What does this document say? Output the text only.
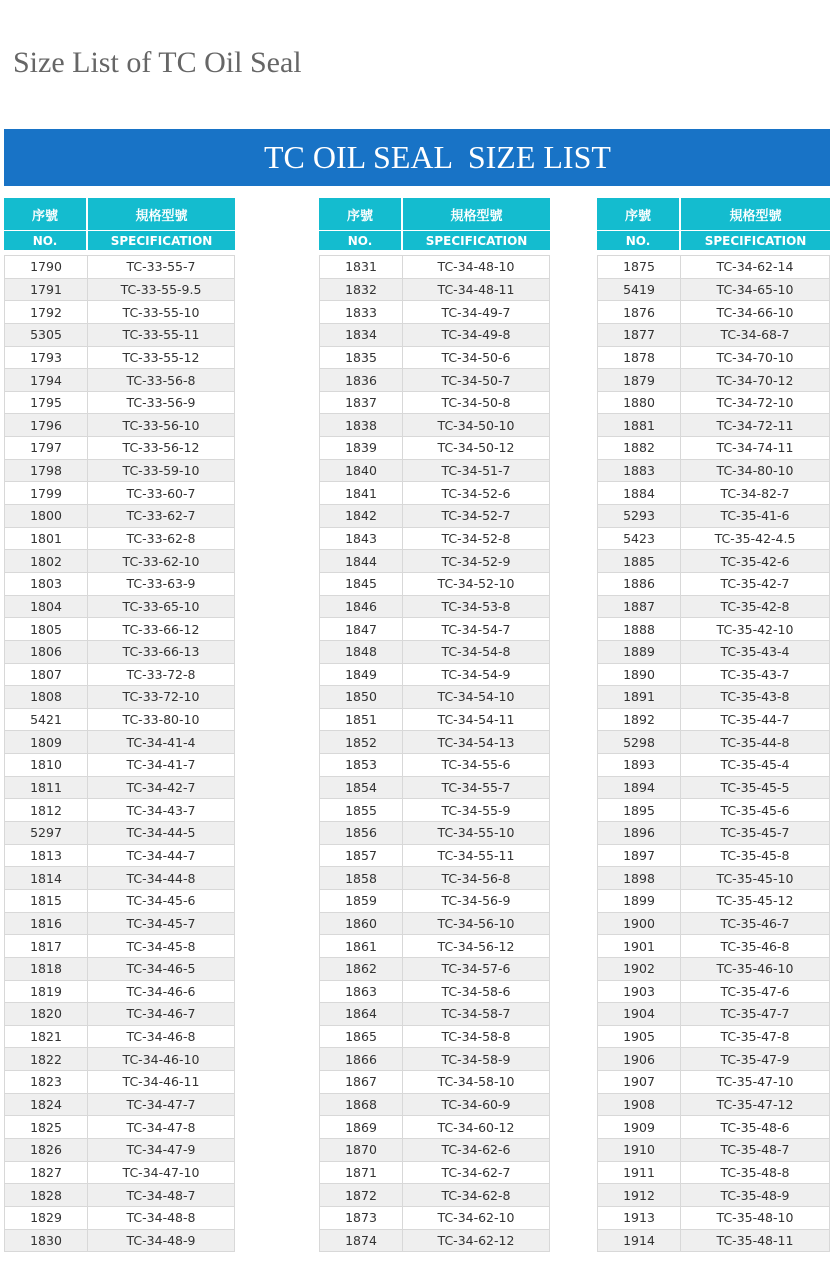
Size List of TC Oil Seal
TC OIL SEAL  SIZE LIST
序號	規格型號
NO.	SPECIFICATION
1790	TC-33-55-7
1791	TC-33-55-9.5
1792	TC-33-55-10
5305	TC-33-55-11
1793	TC-33-55-12
1794	TC-33-56-8
1795	TC-33-56-9
1796	TC-33-56-10
1797	TC-33-56-12
1798	TC-33-59-10
1799	TC-33-60-7
1800	TC-33-62-7
1801	TC-33-62-8
1802	TC-33-62-10
1803	TC-33-63-9
1804	TC-33-65-10
1805	TC-33-66-12
1806	TC-33-66-13
1807	TC-33-72-8
1808	TC-33-72-10
5421	TC-33-80-10
1809	TC-34-41-4
1810	TC-34-41-7
1811	TC-34-42-7
1812	TC-34-43-7
5297	TC-34-44-5
1813	TC-34-44-7
1814	TC-34-44-8
1815	TC-34-45-6
1816	TC-34-45-7
1817	TC-34-45-8
1818	TC-34-46-5
1819	TC-34-46-6
1820	TC-34-46-7
1821	TC-34-46-8
1822	TC-34-46-10
1823	TC-34-46-11
1824	TC-34-47-7
1825	TC-34-47-8
1826	TC-34-47-9
1827	TC-34-47-10
1828	TC-34-48-7
1829	TC-34-48-8
1830	TC-34-48-9
序號	規格型號
NO.	SPECIFICATION
1831	TC-34-48-10
1832	TC-34-48-11
1833	TC-34-49-7
1834	TC-34-49-8
1835	TC-34-50-6
1836	TC-34-50-7
1837	TC-34-50-8
1838	TC-34-50-10
1839	TC-34-50-12
1840	TC-34-51-7
1841	TC-34-52-6
1842	TC-34-52-7
1843	TC-34-52-8
1844	TC-34-52-9
1845	TC-34-52-10
1846	TC-34-53-8
1847	TC-34-54-7
1848	TC-34-54-8
1849	TC-34-54-9
1850	TC-34-54-10
1851	TC-34-54-11
1852	TC-34-54-13
1853	TC-34-55-6
1854	TC-34-55-7
1855	TC-34-55-9
1856	TC-34-55-10
1857	TC-34-55-11
1858	TC-34-56-8
1859	TC-34-56-9
1860	TC-34-56-10
1861	TC-34-56-12
1862	TC-34-57-6
1863	TC-34-58-6
1864	TC-34-58-7
1865	TC-34-58-8
1866	TC-34-58-9
1867	TC-34-58-10
1868	TC-34-60-9
1869	TC-34-60-12
1870	TC-34-62-6
1871	TC-34-62-7
1872	TC-34-62-8
1873	TC-34-62-10
1874	TC-34-62-12
序號	規格型號
NO.	SPECIFICATION
1875	TC-34-62-14
5419	TC-34-65-10
1876	TC-34-66-10
1877	TC-34-68-7
1878	TC-34-70-10
1879	TC-34-70-12
1880	TC-34-72-10
1881	TC-34-72-11
1882	TC-34-74-11
1883	TC-34-80-10
1884	TC-34-82-7
5293	TC-35-41-6
5423	TC-35-42-4.5
1885	TC-35-42-6
1886	TC-35-42-7
1887	TC-35-42-8
1888	TC-35-42-10
1889	TC-35-43-4
1890	TC-35-43-7
1891	TC-35-43-8
1892	TC-35-44-7
5298	TC-35-44-8
1893	TC-35-45-4
1894	TC-35-45-5
1895	TC-35-45-6
1896	TC-35-45-7
1897	TC-35-45-8
1898	TC-35-45-10
1899	TC-35-45-12
1900	TC-35-46-7
1901	TC-35-46-8
1902	TC-35-46-10
1903	TC-35-47-6
1904	TC-35-47-7
1905	TC-35-47-8
1906	TC-35-47-9
1907	TC-35-47-10
1908	TC-35-47-12
1909	TC-35-48-6
1910	TC-35-48-7
1911	TC-35-48-8
1912	TC-35-48-9
1913	TC-35-48-10
1914	TC-35-48-11
